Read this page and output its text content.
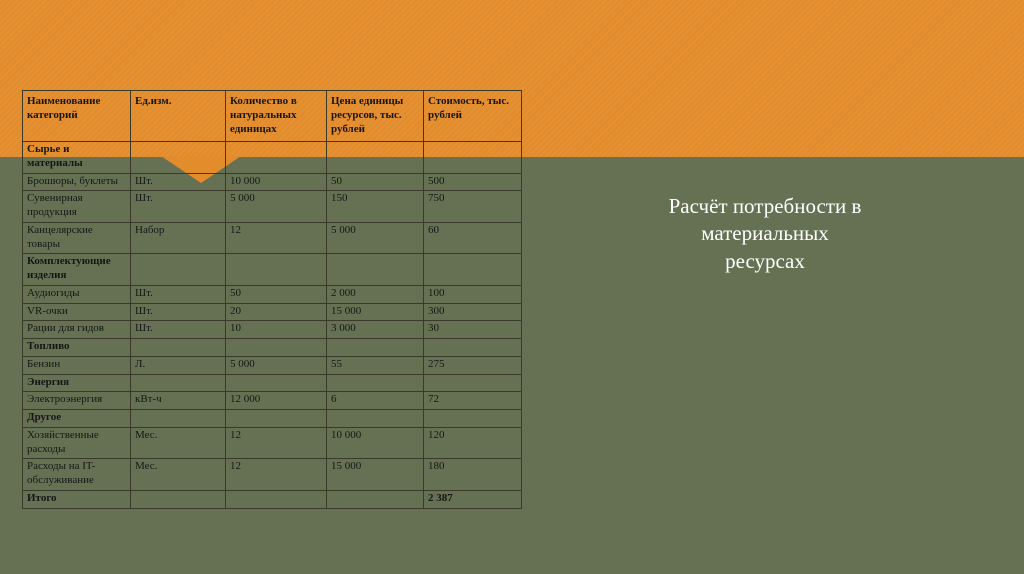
Наименование категорий	Ед.изм.	Количество в натуральных единицах	Цена единицы ресурсов, тыс. рублей	Стоимость, тыс. рублей
Сырье и материалы				
Брошюры, буклеты	Шт.	10 000	50	500
Сувенирная продукция	Шт.	5 000	150	750
Канцелярские товары	Набор	12	5 000	60
Комплектующие изделия				
Аудиогиды	Шт.	50	2 000	100
VR-очки	Шт.	20	15 000	300
Рации для гидов	Шт.	10	3 000	30
Топливо				
Бензин	Л.	5 000	55	275
Энергия				
Электроэнергия	кВт-ч	12 000	6	72
Другое				
Хозяйственные расходы	Мес.	12	10 000	120
Расходы на IT-обслуживание	Мес.	12	15 000	180
Итого				2 387
Расчёт потребности в материальных ресурсах
